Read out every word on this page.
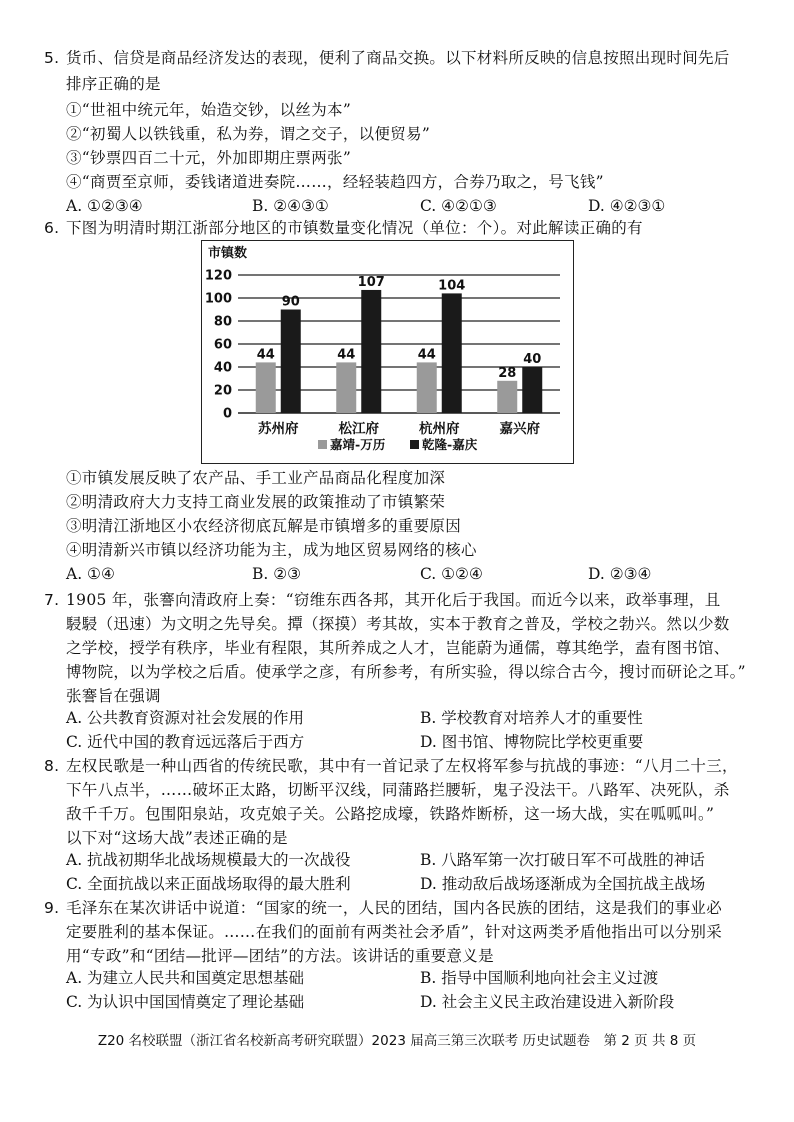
5. 货币、信贷是商品经济发达的表现，便利了商品交换。以下材料所反映的信息按照出现时间先后
排序正确的是
①“世祖中统元年，始造交钞，以丝为本”
②“初蜀人以铁钱重，私为券，谓之交子，以便贸易”
③“钞票四百二十元，外加即期庄票两张”
④“商贾至京师，委钱诸道进奏院……，经轻装趋四方，合券乃取之，号飞钱”
A. ①②③④	B. ②④③①	C. ④②①③	D. ④②③①
6. 下图为明清时期江浙部分地区的市镇数量变化情况（单位：个）。对此解读正确的有
市镇数
0
20
40
60
80
100
120
44
90
苏州府
44
107
松江府
44
104
杭州府
28
40
嘉兴府
嘉靖-万历	乾隆-嘉庆
①市镇发展反映了农产品、手工业产品商品化程度加深
②明清政府大力支持工商业发展的政策推动了市镇繁荣
③明清江浙地区小农经济彻底瓦解是市镇增多的重要原因
④明清新兴市镇以经济功能为主，成为地区贸易网络的核心
A. ①④	B. ②③	C. ①②④	D. ②③④
7. 1905 年，张謇向清政府上奏：“窃维东西各邦，其开化后于我国。而近今以来，政举事理，且
駸駸（迅速）为文明之先导矣。撢（探摸）考其故，实本于教育之普及，学校之勃兴。然以少数
之学校，授学有秩序，毕业有程限，其所养成之人才，岂能蔚为通儒，尊其绝学，盍有图书馆、
博物院，以为学校之后盾。使承学之彦，有所参考，有所实验，得以综合古今，搜讨而研论之耳。”
张謇旨在强调
A. 公共教育资源对社会发展的作用	B. 学校教育对培养人才的重要性
C. 近代中国的教育远远落后于西方	D. 图书馆、博物院比学校更重要
8. 左权民歌是一种山西省的传统民歌，其中有一首记录了左权将军参与抗战的事迹：“八月二十三，
下午八点半，……破坏正太路，切断平汉线，同蒲路拦腰斩，鬼子没法干。八路军、决死队，杀
敌千千万。包围阳泉站，攻克娘子关。公路挖成壕，铁路炸断桥，这一场大战，实在呱呱叫。”
以下对“这场大战”表述正确的是
A. 抗战初期华北战场规模最大的一次战役	B. 八路军第一次打破日军不可战胜的神话
C. 全面抗战以来正面战场取得的最大胜利	D. 推动敌后战场逐渐成为全国抗战主战场
9. 毛泽东在某次讲话中说道：“国家的统一，人民的团结，国内各民族的团结，这是我们的事业必
定要胜利的基本保证。……在我们的面前有两类社会矛盾”，针对这两类矛盾他指出可以分别采
用“专政”和“团结—批评—团结”的方法。该讲话的重要意义是
A. 为建立人民共和国奠定思想基础	B. 指导中国顺利地向社会主义过渡
C. 为认识中国国情奠定了理论基础	D. 社会主义民主政治建设进入新阶段
Z20 名校联盟（浙江省名校新高考研究联盟）2023 届高三第三次联考 历史试题卷　第 2 页 共 8 页
